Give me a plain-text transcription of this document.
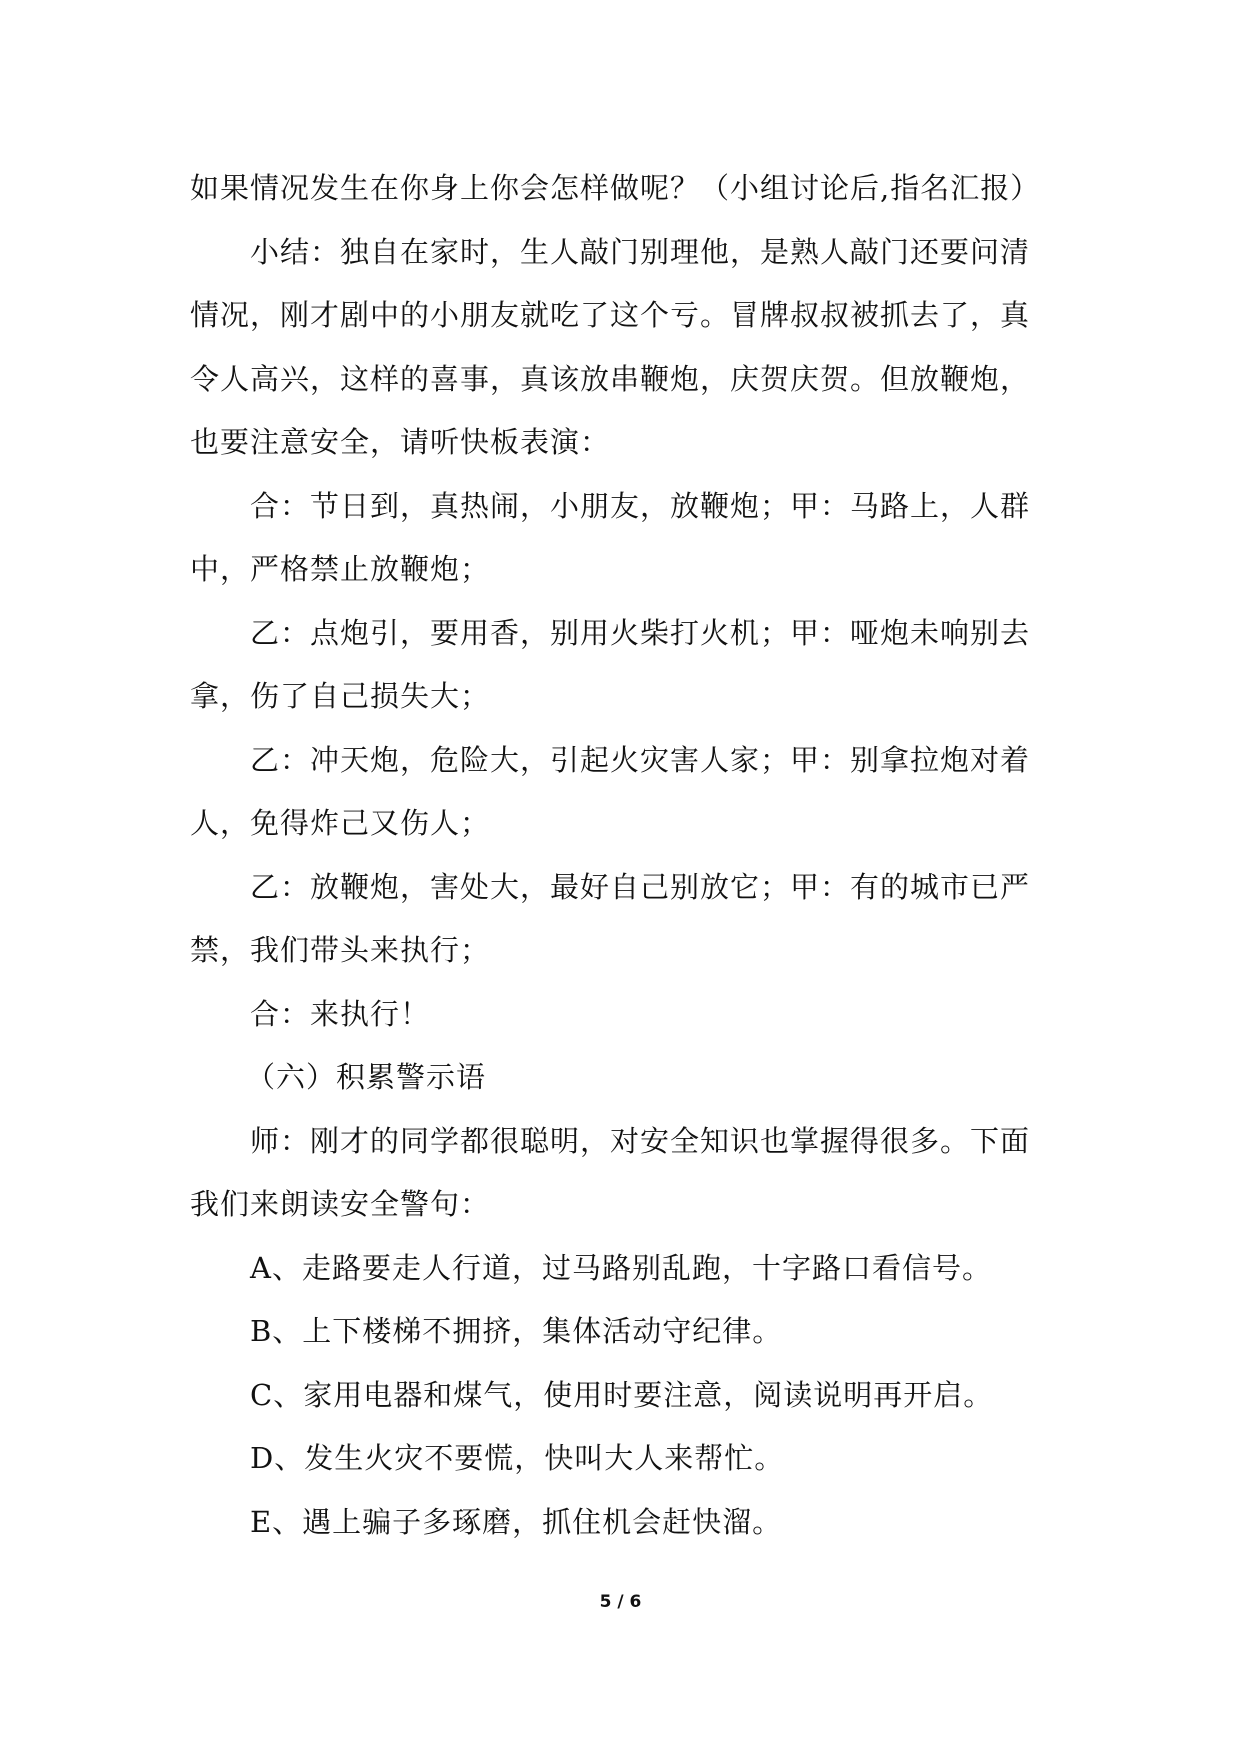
如果情况发生在你身上你会怎样做呢？（小组讨论后,指名汇报）
小结：独自在家时，生人敲门别理他，是熟人敲门还要问清
情况，刚才剧中的小朋友就吃了这个亏。冒牌叔叔被抓去了，真
令人高兴，这样的喜事，真该放串鞭炮，庆贺庆贺。但放鞭炮，
也要注意安全，请听快板表演：
合：节日到，真热闹，小朋友，放鞭炮；甲：马路上，人群
中，严格禁止放鞭炮；
乙：点炮引，要用香，别用火柴打火机；甲：哑炮未响别去
拿，伤了自己损失大；
乙：冲天炮，危险大，引起火灾害人家；甲：别拿拉炮对着
人，免得炸己又伤人；
乙：放鞭炮，害处大，最好自己别放它；甲：有的城市已严
禁，我们带头来执行；
合：来执行！
（六）积累警示语
师：刚才的同学都很聪明，对安全知识也掌握得很多。下面
我们来朗读安全警句：
A、走路要走人行道，过马路别乱跑，十字路口看信号。
B、上下楼梯不拥挤，集体活动守纪律。
C、家用电器和煤气，使用时要注意，阅读说明再开启。
D、发生火灾不要慌，快叫大人来帮忙。
E、遇上骗子多琢磨，抓住机会赶快溜。
5 / 6
